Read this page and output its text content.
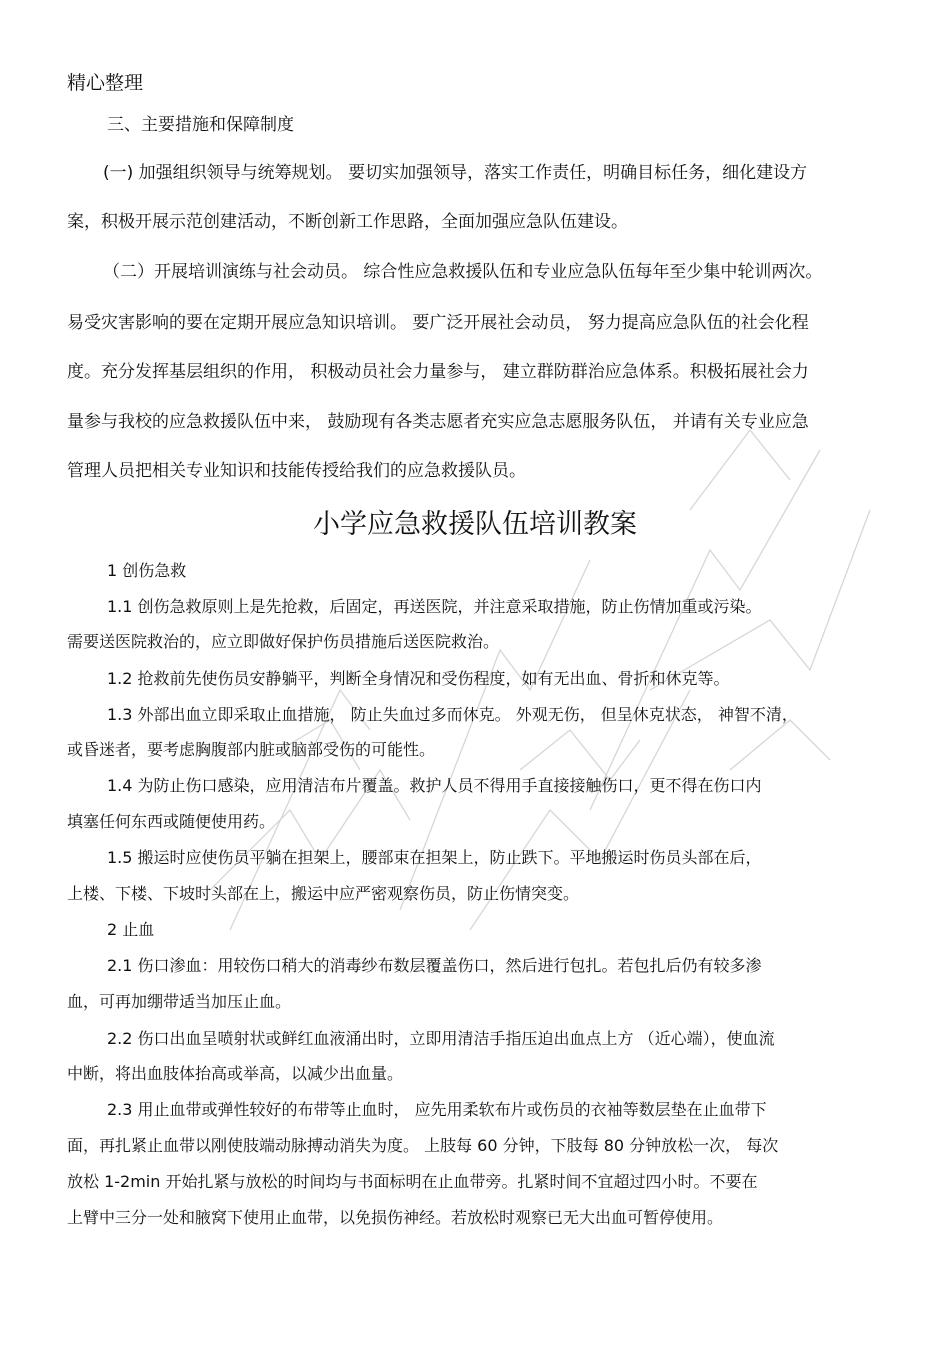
精心整理
三、主要措施和保障制度
(一) 加强组织领导与统筹规划。 要切实加强领导，落实工作责任，明确目标任务，细化建设方
案，积极开展示范创建活动，不断创新工作思路，全面加强应急队伍建设。
（二）开展培训演练与社会动员。 综合性应急救援队伍和专业应急队伍每年至少集中轮训两次。
易受灾害影响的要在定期开展应急知识培训。 要广泛开展社会动员， 努力提高应急队伍的社会化程
度。充分发挥基层组织的作用， 积极动员社会力量参与， 建立群防群治应急体系。积极拓展社会力
量参与我校的应急救援队伍中来， 鼓励现有各类志愿者充实应急志愿服务队伍， 并请有关专业应急
管理人员把相关专业知识和技能传授给我们的应急救援队员。
小学应急救援队伍培训教案
1 创伤急救
1.1 创伤急救原则上是先抢救，后固定，再送医院，并注意采取措施，防止伤情加重或污染。
需要送医院救治的，应立即做好保护伤员措施后送医院救治。
1.2 抢救前先使伤员安静躺平，判断全身情况和受伤程度，如有无出血、骨折和休克等。
1.3 外部出血立即采取止血措施， 防止失血过多而休克。 外观无伤， 但呈休克状态， 神智不清，
或昏迷者，要考虑胸腹部内脏或脑部受伤的可能性。
1.4 为防止伤口感染，应用清洁布片覆盖。救护人员不得用手直接接触伤口，更不得在伤口内
填塞任何东西或随便使用药。
1.5 搬运时应使伤员平躺在担架上，腰部束在担架上，防止跌下。平地搬运时伤员头部在后，
上楼、下楼、下坡时头部在上，搬运中应严密观察伤员，防止伤情突变。
2 止血
2.1 伤口渗血：用较伤口稍大的消毒纱布数层覆盖伤口，然后进行包扎。若包扎后仍有较多渗
血，可再加绷带适当加压止血。
2.2 伤口出血呈喷射状或鲜红血液涌出时，立即用清洁手指压迫出血点上方 （近心端），使血流
中断，将出血肢体抬高或举高，以减少出血量。
2.3 用止血带或弹性较好的布带等止血时， 应先用柔软布片或伤员的衣袖等数层垫在止血带下
面，再扎紧止血带以刚使肢端动脉搏动消失为度。 上肢每 60 分钟，下肢每 80 分钟放松一次， 每次
放松 1-2min 开始扎紧与放松的时间均与书面标明在止血带旁。扎紧时间不宜超过四小时。不要在
上臂中三分一处和腋窝下使用止血带，以免损伤神经。若放松时观察已无大出血可暂停使用。
